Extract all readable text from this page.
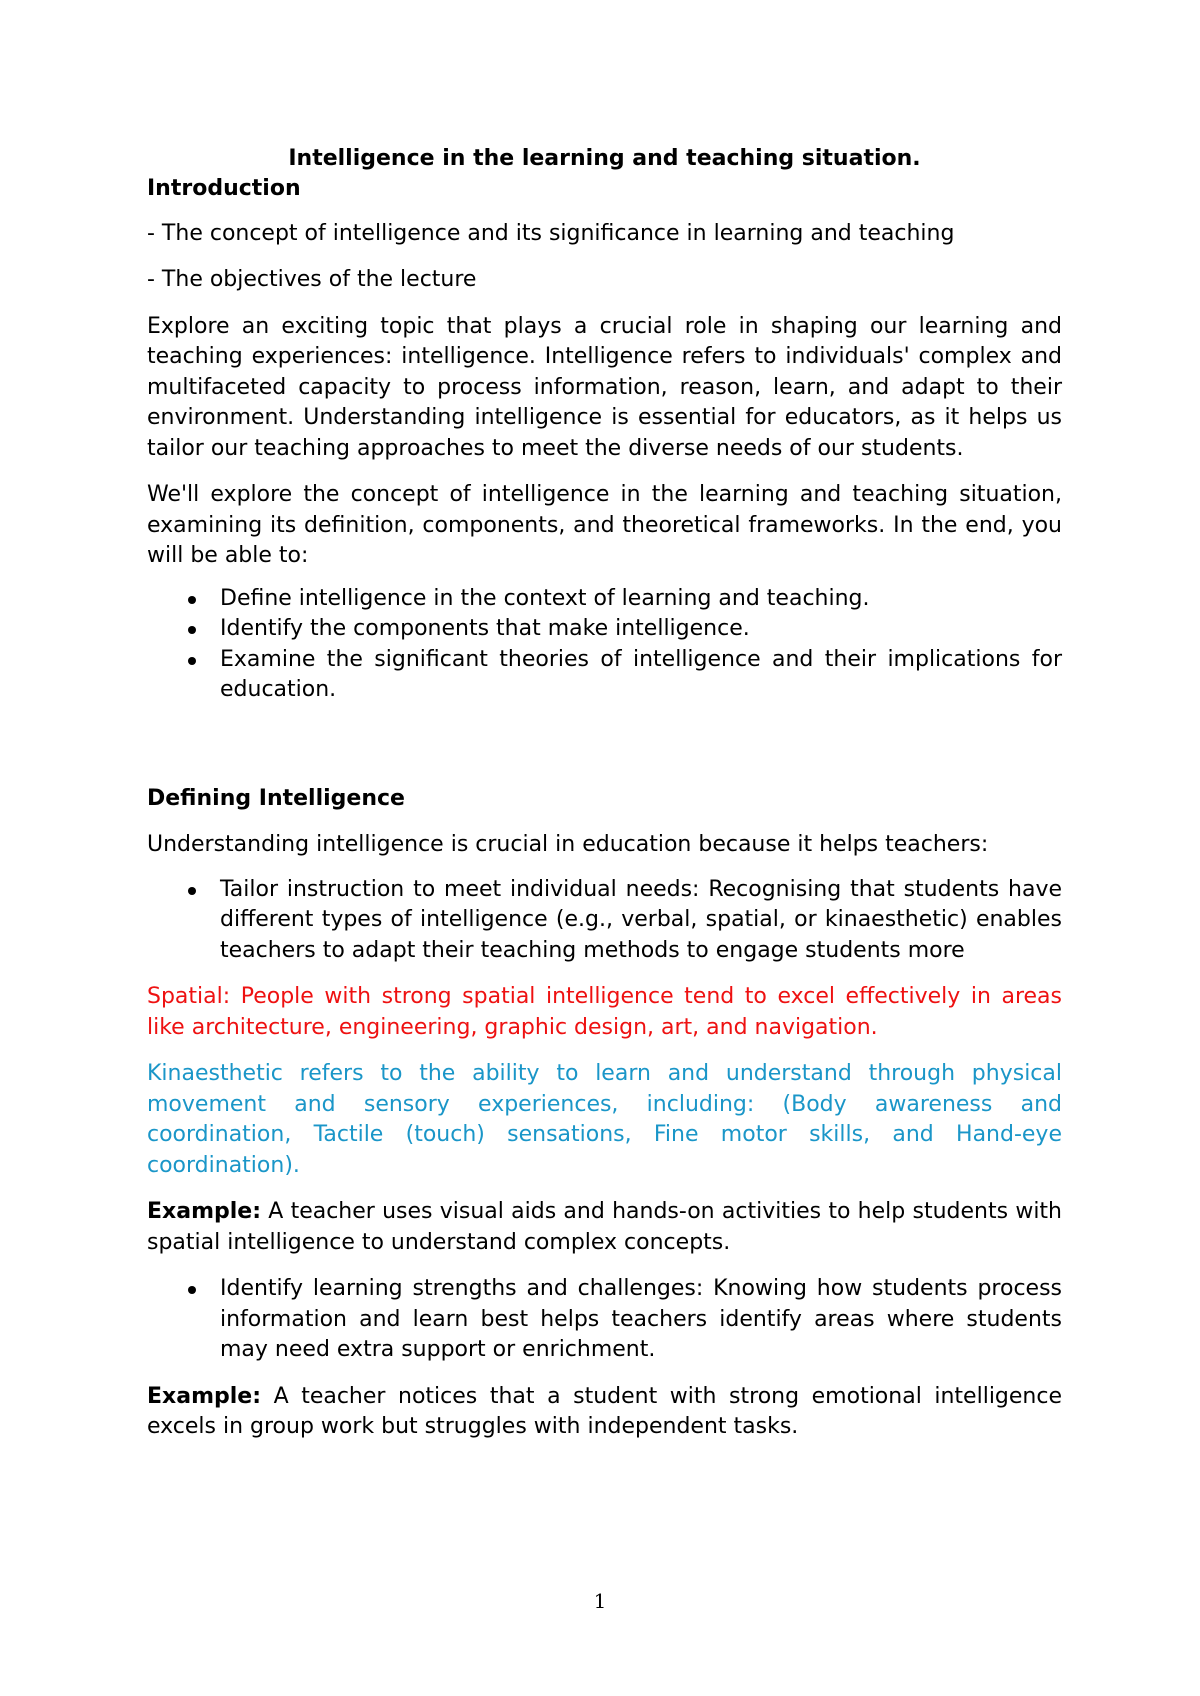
Intelligence in the learning and teaching situation.

Introduction

- The concept of intelligence and its significance in learning and teaching

- The objectives of the lecture

Explore an exciting topic that plays a crucial role in shaping our learning and teaching experiences: intelligence. Intelligence refers to individuals' complex and multifaceted capacity to process information, reason, learn, and adapt to their environment. Understanding intelligence is essential for educators, as it helps us tailor our teaching approaches to meet the diverse needs of our students.

We'll explore the concept of intelligence in the learning and teaching situation, examining its definition, components, and theoretical frameworks. In the end, you will be able to:

Define intelligence in the context of learning and teaching.
Identify the components that make intelligence.
Examine the significant theories of intelligence and their implications for education.

Defining Intelligence

Understanding intelligence is crucial in education because it helps teachers:

Tailor instruction to meet individual needs: Recognising that students have different types of intelligence (e.g., verbal, spatial, or kinaesthetic) enables teachers to adapt their teaching methods to engage students more

Spatial: People with strong spatial intelligence tend to excel effectively in areas like architecture, engineering, graphic design, art, and navigation.

Kinaesthetic refers to the ability to learn and understand through physical movement and sensory experiences, including: (Body awareness and coordination, Tactile (touch) sensations, Fine motor skills, and Hand-eye coordination).

Example: A teacher uses visual aids and hands-on activities to help students with spatial intelligence to understand complex concepts.

Identify learning strengths and challenges: Knowing how students process information and learn best helps teachers identify areas where students may need extra support or enrichment.

Example: A teacher notices that a student with strong emotional intelligence excels in group work but struggles with independent tasks.

1
